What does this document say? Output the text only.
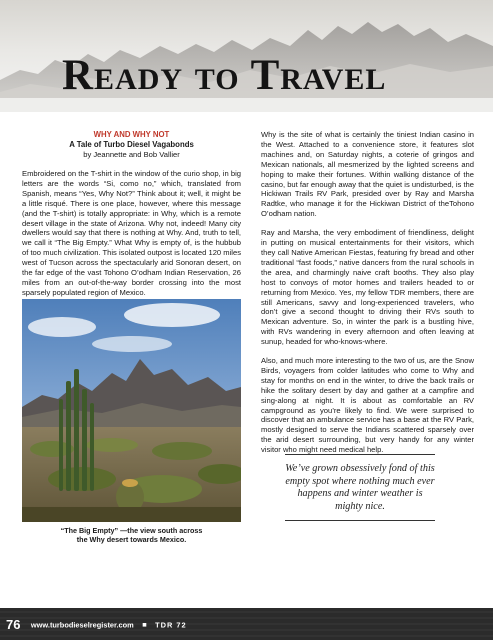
Ready to Travel
WHY AND WHY NOT
A Tale of Turbo Diesel Vagabonds
by Jeannette and Bob Vallier

Embroidered on the T-shirt in the window of the curio shop, in big letters are the words “Si, como no,” which, translated from Spanish, means “Yes, Why Not?” Think about it; well, it might be a little risqué. There is one place, however, where this message (and the T-shirt) is totally appropriate: in Why, which is a remote desert village in the state of Arizona. Why not, indeed! Many city dwellers would say that there is nothing at Why. And, truth to tell, we call it “The Big Empty.” What Why is empty of, is the hubbub of too much civilization. This isolated outpost is located 120 miles west of Tucson across the spectacularly arid Sonoran desert, on the far edge of the vast Tohono O’odham Indian Reservation, 26 miles from an out-of-the-way border crossing into the most sparsely populated region of Mexico.

“The Big Empty” —the view south across
the Why desert towards Mexico.

Why is the site of what is certainly the tiniest Indian casino in the West. Attached to a convenience store, it features slot machines and, on Saturday nights, a coterie of gringos and Mexican nationals, all mesmerized by the lighted screens and hoping to make their fortunes. Within walking distance of the casino, but far enough away that the quiet is undisturbed, is the Hickiwan Trails RV Park, presided over by Ray and Marsha Radtke, who manage it for the Hickiwan District of theTohono O’odham nation.

Ray and Marsha, the very embodiment of friendliness, delight in putting on musical entertainments for their visitors, which they call Native American Fiestas, featuring fry bread and other traditional “fast foods,” native dancers from the rural schools in the area, and charmingly naive craft booths. They also play host to convoys of motor homes and trailers headed to or returning from Mexico. Yes, my fellow TDR members, there are still Americans, savvy and long-experienced travelers, who don’t give a second thought to driving their RVs south to Mexican adventure. So, in winter the park is a bustling hive, with RVs wandering in every afternoon and often leaving at sunup, headed for who-knows-where.

Also, and much more interesting to the two of us, are the Snow Birds, voyagers from colder latitudes who come to Why and stay for months on end in the winter, to drive the back trails or hike the solitary desert by day and gather at a campfire and sing-along at night. It is about as comfortable an RV campground as you’re likely to find. We were surprised to discover that an ambulance service has a base at the RV Park, mostly designed to serve the Indians scattered sparsely over the arid desert surrounding, but very handy for any winter visitor who might need medical help.

We’ve grown obsessively fond of this empty spot where nothing much ever happens and winter weather is mighty nice.
76 www.turbodieselregister.com ■ TDR 72
